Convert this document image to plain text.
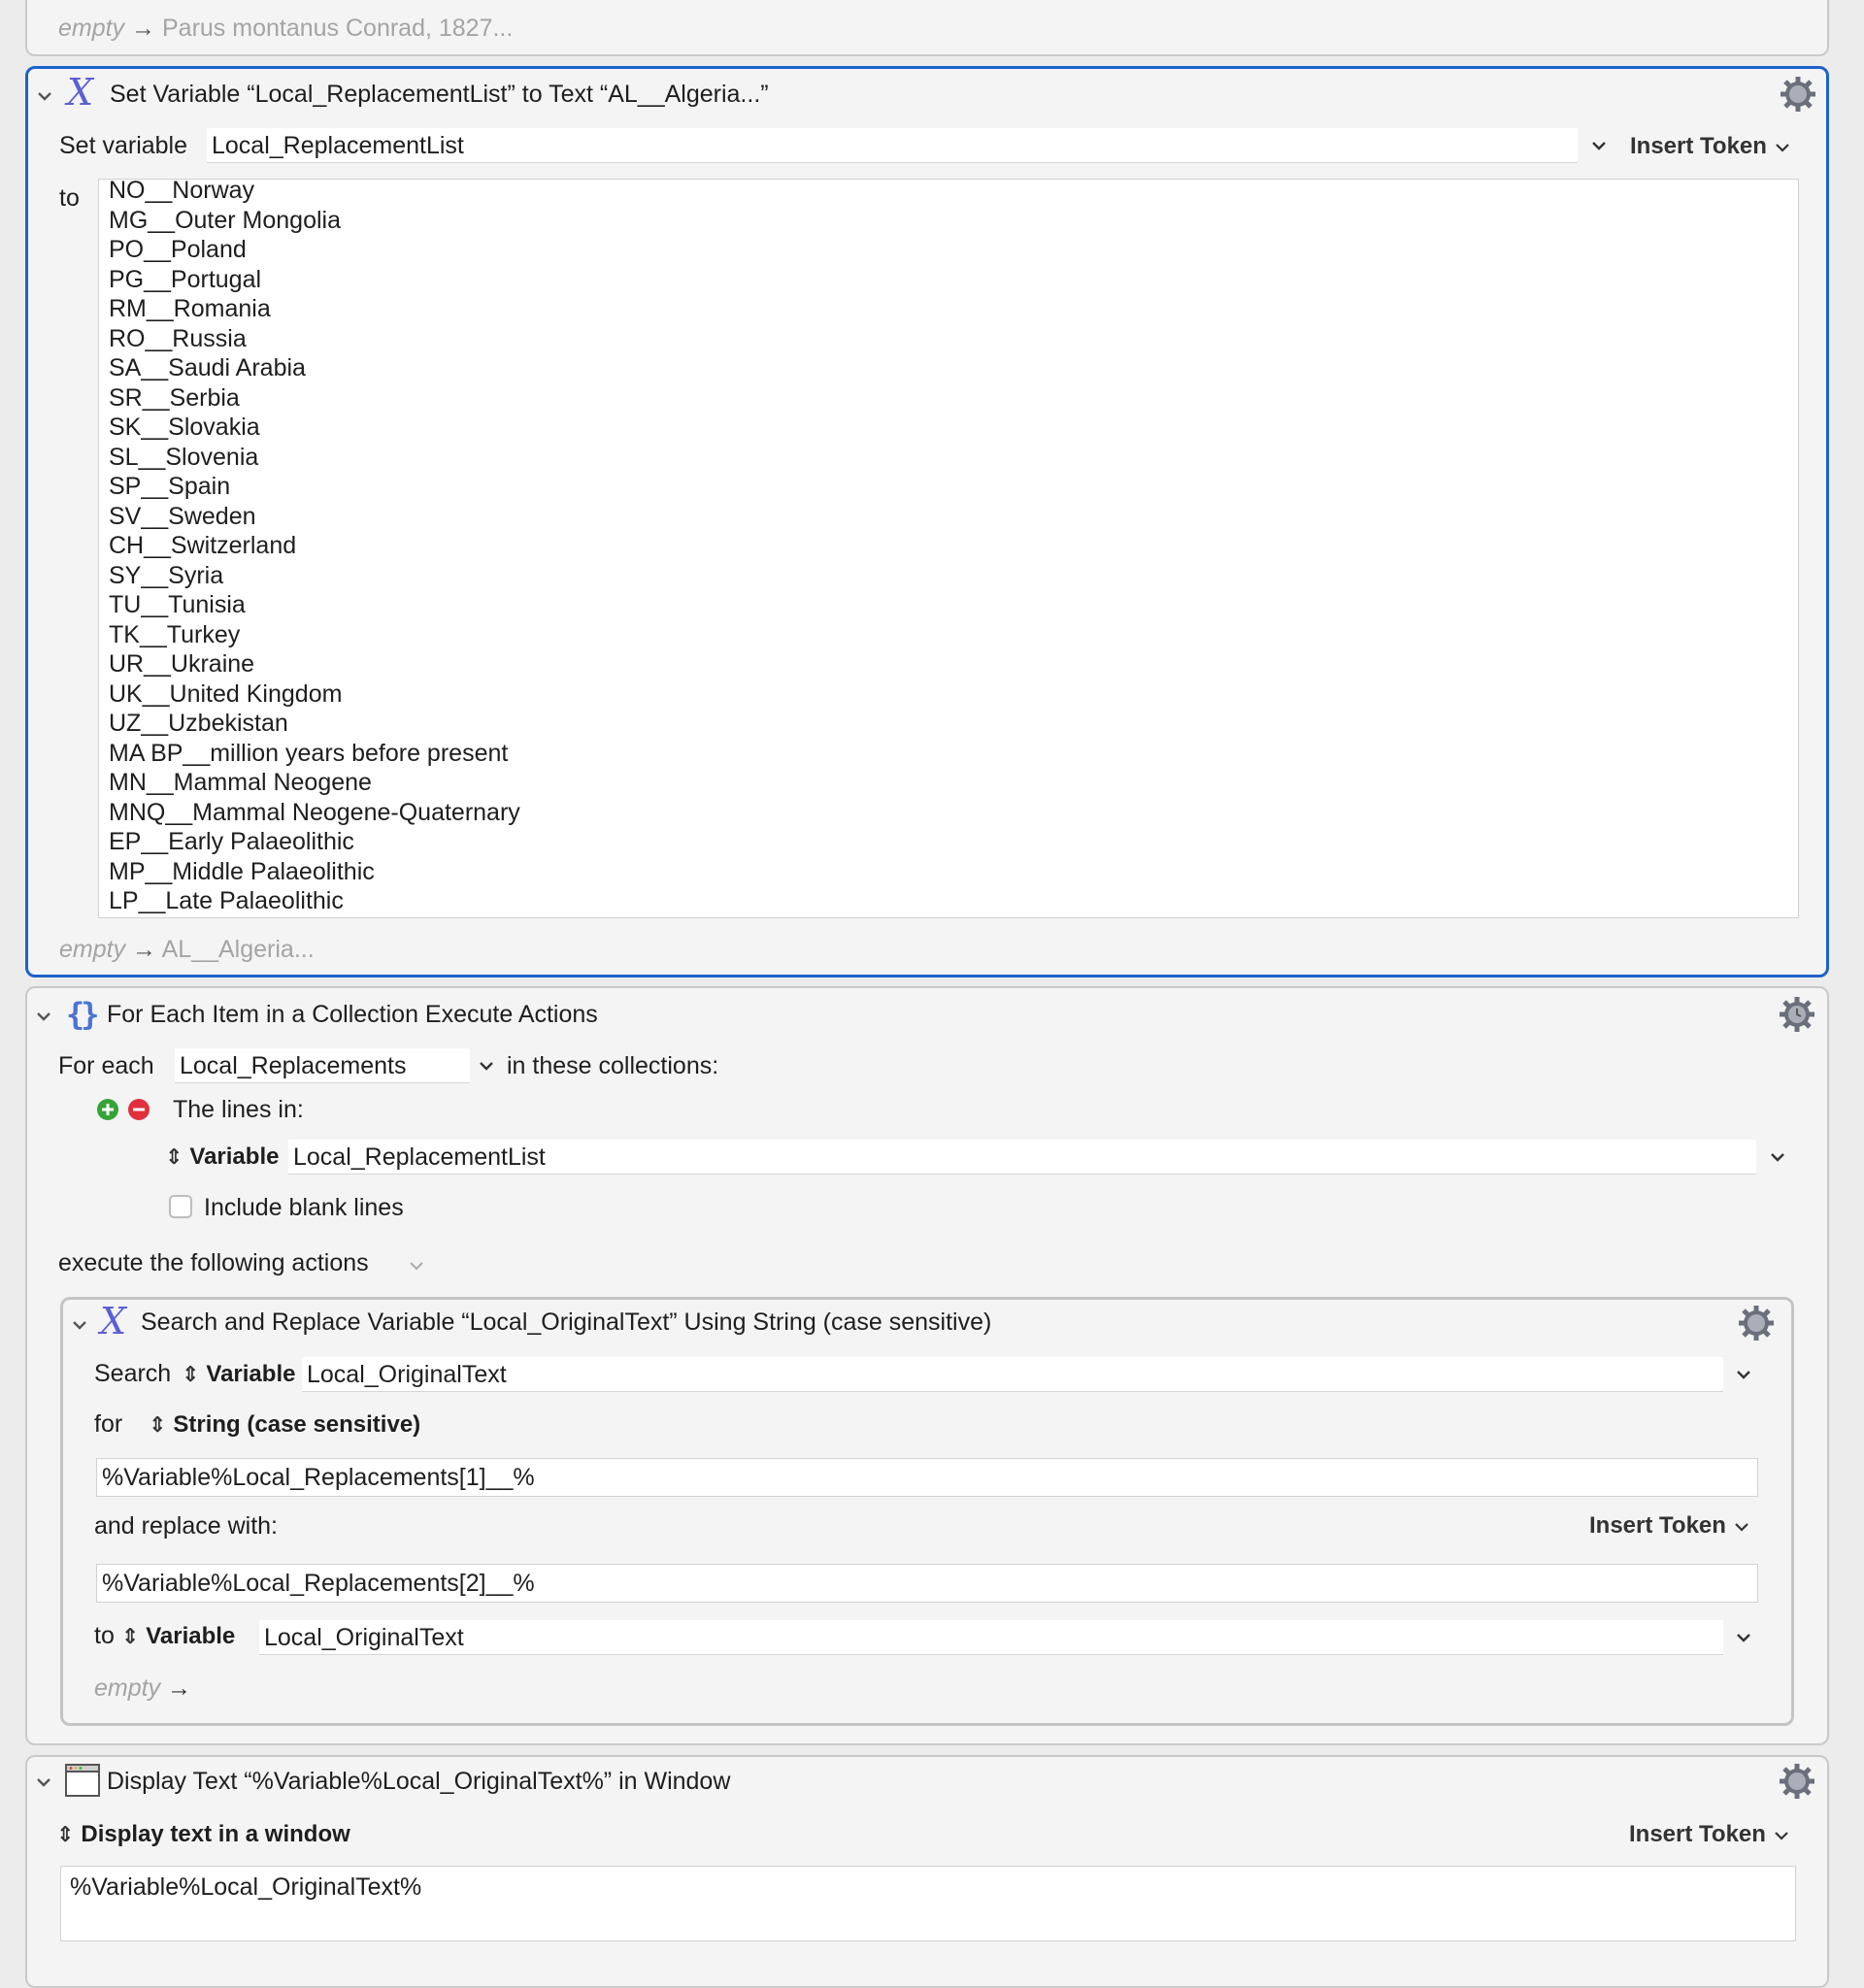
empty → Parus montanus Conrad, 1827...
X Set Variable “Local_ReplacementList” to Text “AL__Algeria...”
Set variable Local_ReplacementList	Insert Token
to NO__Norway
MG__Outer Mongolia
PO__Poland
PG__Portugal
RM__Romania
RO__Russia
SA__Saudi Arabia
SR__Serbia
SK__Slovakia
SL__Slovenia
SP__Spain
SV__Sweden
CH__Switzerland
SY__Syria
TU__Tunisia
TK__Turkey
UR__Ukraine
UK__United Kingdom
UZ__Uzbekistan
MA BP__million years before present
MN__Mammal Neogene
MNQ__Mammal Neogene-Quaternary
EP__Early Palaeolithic
MP__Middle Palaeolithic
LP__Late Palaeolithic
empty → AL__Algeria...
{} For Each Item in a Collection Execute Actions
For each Local_Replacements	in these collections:
The lines in:
⇕ Variable Local_ReplacementList
Include blank lines
execute the following actions
X Search and Replace Variable “Local_OriginalText” Using String (case sensitive)
Search ⇕ Variable Local_OriginalText
for ⇕ String (case sensitive)
%Variable%Local_Replacements[1]__%
and replace with:	Insert Token
%Variable%Local_Replacements[2]__%
to ⇕ Variable Local_OriginalText
empty →
Display Text “%Variable%Local_OriginalText%” in Window
⇕ Display text in a window	Insert Token
%Variable%Local_OriginalText%
